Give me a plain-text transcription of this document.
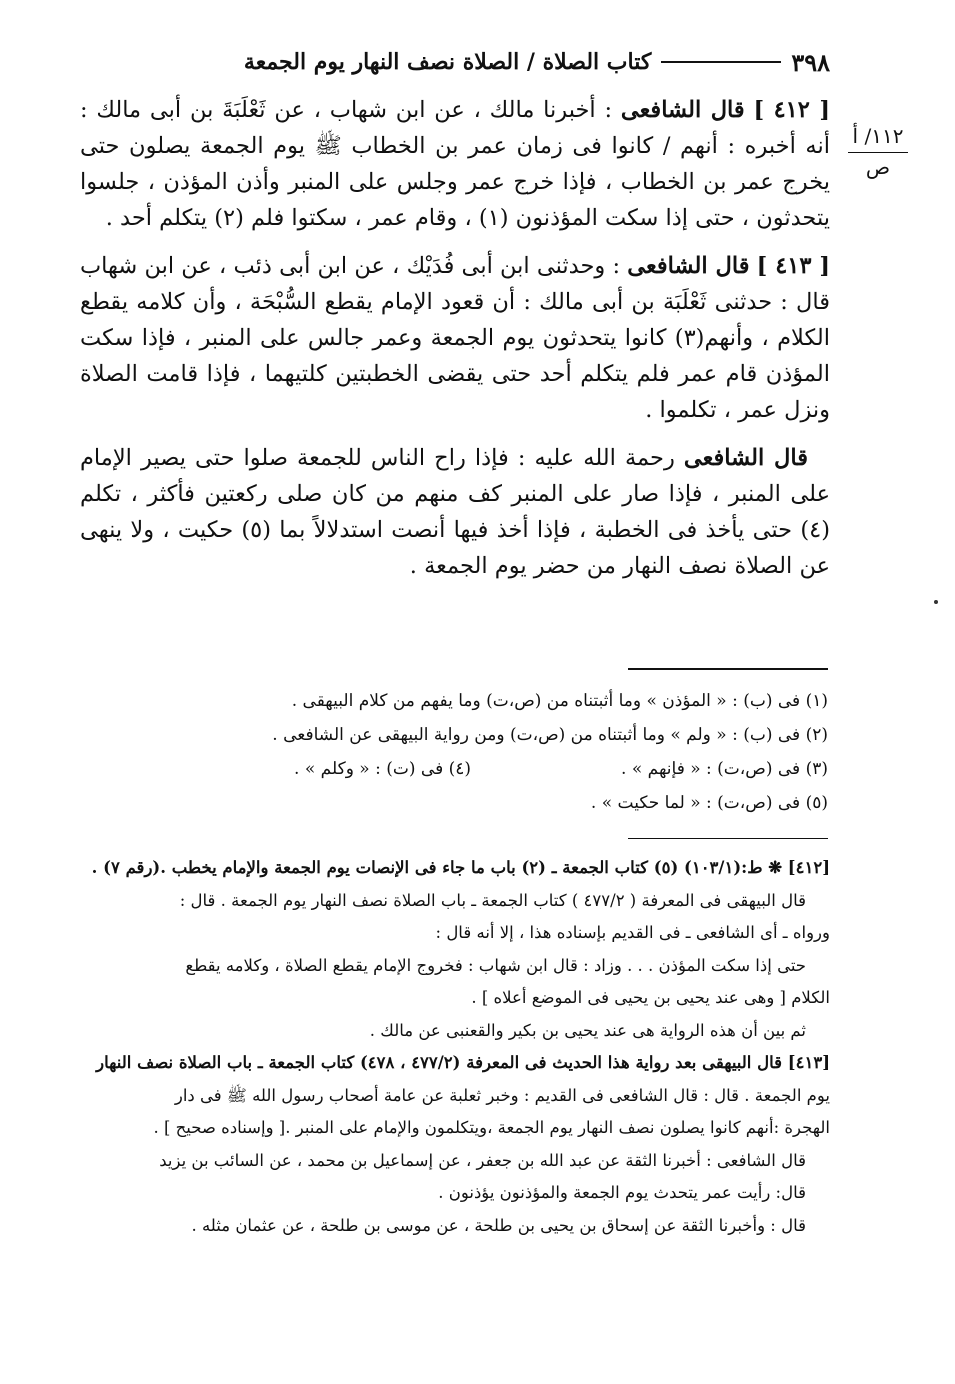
٣٩٨
كتاب الصلاة / الصلاة نصف النهار يوم الجمعة
١١٢/ أ
ص

[ ٤١٢ ] قال الشافعى : أخبرنا مالك ، عن ابن شهاب ، عن ثَعْلَبَةَ بن أبى مالك : أنه أخبره : أنهم / كانوا فى زمان عمر بن الخطاب ﷺ يوم الجمعة يصلون حتى يخرج عمر بن الخطاب ، فإذا خرج عمر وجلس على المنبر وأذن المؤذن ، جلسوا يتحدثون ، حتى إذا سكت المؤذنون (١) ، وقام عمر ، سكتوا فلم (٢) يتكلم أحد .

[ ٤١٣ ] قال الشافعى : وحدثنى ابن أبى فُدَيْك ، عن ابن أبى ذئب ، عن ابن شهاب قال : حدثنى ثَعْلَبَة بن أبى مالك : أن قعود الإمام يقطع السُّبْحَة ، وأن كلامه يقطع الكلام ، وأنهم(٣) كانوا يتحدثون يوم الجمعة وعمر جالس على المنبر ، فإذا سكت المؤذن قام عمر فلم يتكلم أحد حتى يقضى الخطبتين كلتيهما ، فإذا قامت الصلاة ونزل عمر ، تكلموا .

قال الشافعى رحمة الله عليه : فإذا راح الناس للجمعة صلوا حتى يصير الإمام على المنبر ، فإذا صار على المنبر كف منهم من كان صلى ركعتين فأكثر ، تكلم (٤) حتى يأخذ فى الخطبة ، فإذا أخذ فيها أنصت استدلالاً بما (٥) حكيت ، ولا ينهى عن الصلاة نصف النهار من حضر يوم الجمعة .

(١) فى (ب) : « المؤذن » وما أثبتناه من (ص،ت) وما يفهم من كلام البيهقى .
(٢) فى (ب) : « ولم » وما أثبتناه من (ص،ت) ومن رواية البيهقى عن الشافعى .
(٣) فى (ص،ت) : « فإنهم » .
(٤) فى (ت) : « وكلم » .
(٥) فى (ص،ت) : « لما حكيت » .
[٤١٢] ❋ ط:(١٠٣/١) (٥) كتاب الجمعة ـ (٢) باب ما جاء فى الإنصات يوم الجمعة والإمام يخطب .(رقم ٧) .
قال البيهقى فى المعرفة ( ٤٧٧/٢ ) كتاب الجمعة ـ باب الصلاة نصف النهار يوم الجمعة . قال :
ورواه ـ أى الشافعى ـ فى القديم بإسناده هذا ، إلا أنه قال :
حتى إذا سكت المؤذن . . . وزاد : قال ابن شهاب : فخروج الإمام يقطع الصلاة ، وكلامه يقطع
الكلام [ وهى عند يحيى بن يحيى فى الموضع أعلاه ] .
ثم بين أن هذه الرواية هى عند يحيى بن بكير والقعنبى عن مالك .
[٤١٣] قال البيهقى بعد رواية هذا الحديث فى المعرفة (٤٧٧/٢ ، ٤٧٨) كتاب الجمعة ـ باب الصلاة نصف النهار
يوم الجمعة . قال : قال الشافعى فى القديم : وخبر ثعلبة عن عامة أصحاب رسول الله ﷺ فى دار
الهجرة :أنهم كانوا يصلون نصف النهار يوم الجمعة ،ويتكلمون والإمام على المنبر .[ وإسناده صحيح ] .
قال الشافعى : أخبرنا الثقة عن عبد الله بن جعفر ، عن إسماعيل بن محمد ، عن السائب بن يزيد
قال: رأيت عمر يتحدث يوم الجمعة والمؤذنون يؤذنون .
قال : وأخبرنا الثقة عن إسحاق بن يحيى بن طلحة ، عن موسى بن طلحة ، عن عثمان مثله .
